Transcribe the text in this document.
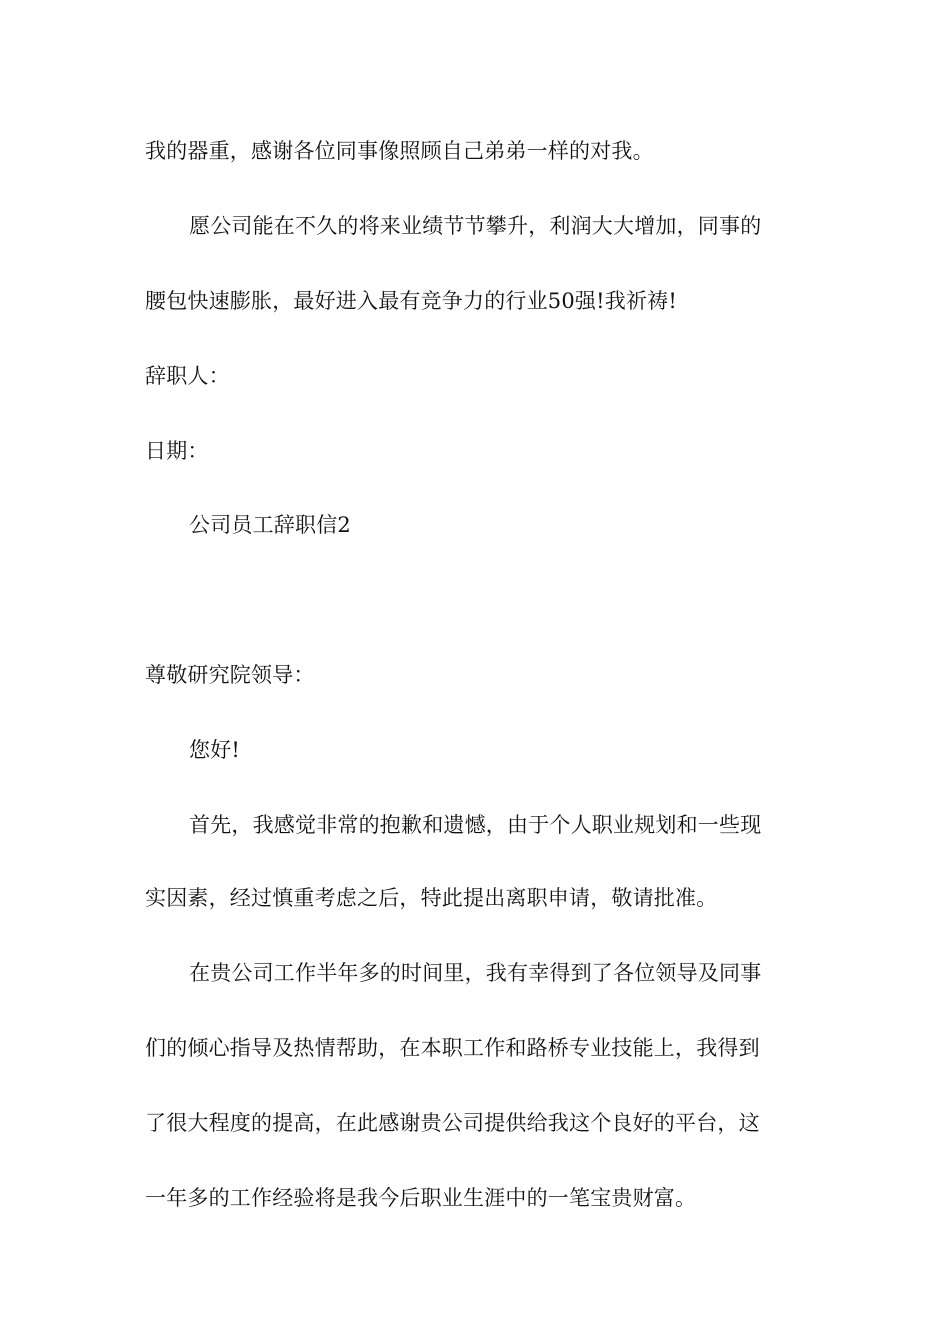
我的器重，感谢各位同事像照顾自己弟弟一样的对我。
愿公司能在不久的将来业绩节节攀升，利润大大增加，同事的
腰包快速膨胀，最好进入最有竞争力的行业50强!我祈祷!
辞职人：
日期：
公司员工辞职信2
尊敬研究院领导：
您好!
首先，我感觉非常的抱歉和遗憾，由于个人职业规划和一些现
实因素，经过慎重考虑之后，特此提出离职申请，敬请批准。
在贵公司工作半年多的时间里，我有幸得到了各位领导及同事
们的倾心指导及热情帮助，在本职工作和路桥专业技能上，我得到
了很大程度的提高，在此感谢贵公司提供给我这个良好的平台，这
一年多的工作经验将是我今后职业生涯中的一笔宝贵财富。
